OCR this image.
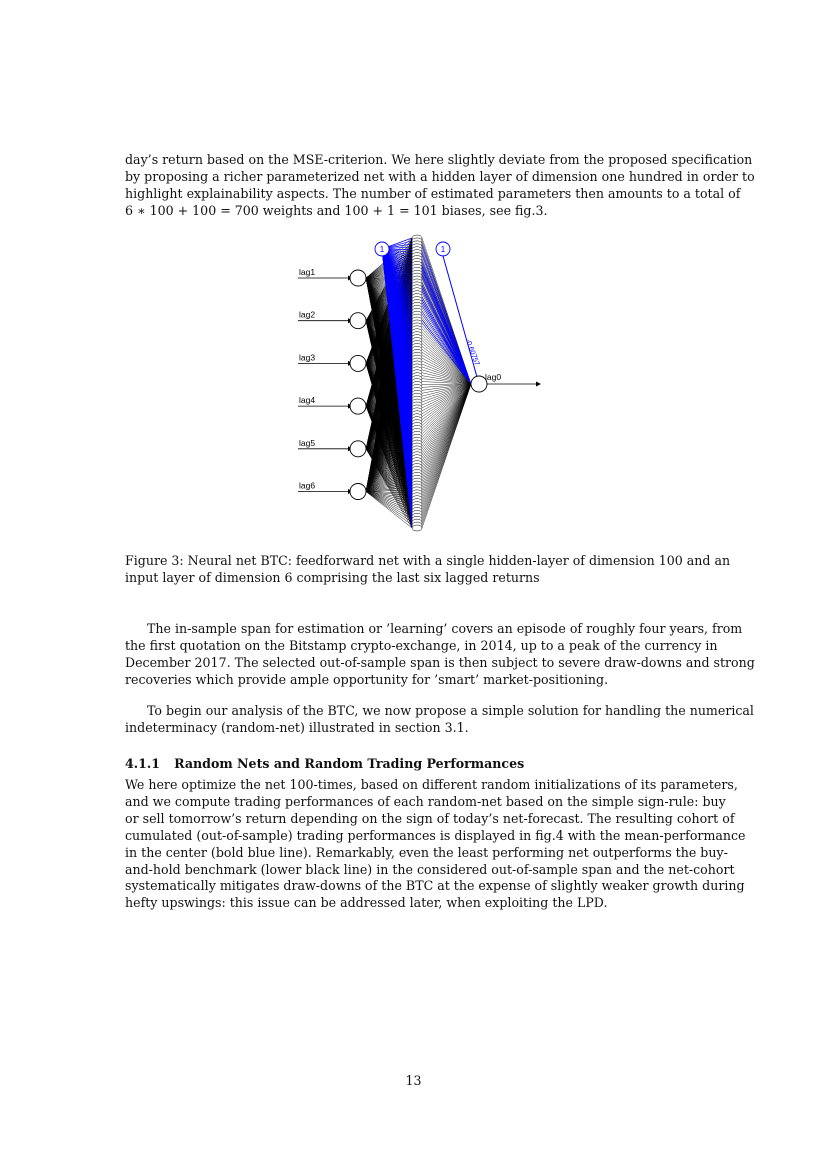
day’s return based on the MSE-criterion. We here slightly deviate from the proposed specification
by proposing a richer parameterized net with a hidden layer of dimension one hundred in order to
highlight explainability aspects. The number of estimated parameters then amounts to a total of
6 ∗ 100 + 100 = 700 weights and 100 + 1 = 101 biases, see fig.3.
lag1
lag2
lag3
lag4
lag5
lag6
1	1
-0.60757
lag0
Figure 3: Neural net BTC: feedforward net with a single hidden-layer of dimension 100 and an
input layer of dimension 6 comprising the last six lagged returns
The in-sample span for estimation or ’learning’ covers an episode of roughly four years, from
the first quotation on the Bitstamp crypto-exchange, in 2014, up to a peak of the currency in
December 2017. The selected out-of-sample span is then subject to severe draw-downs and strong
recoveries which provide ample opportunity for ’smart’ market-positioning.
To begin our analysis of the BTC, we now propose a simple solution for handling the numerical
indeterminacy (random-net) illustrated in section 3.1.
4.1.1 Random Nets and Random Trading Performances
We here optimize the net 100-times, based on different random initializations of its parameters,
and we compute trading performances of each random-net based on the simple sign-rule: buy
or sell tomorrow’s return depending on the sign of today’s net-forecast. The resulting cohort of
cumulated (out-of-sample) trading performances is displayed in fig.4 with the mean-performance
in the center (bold blue line). Remarkably, even the least performing net outperforms the buy-
and-hold benchmark (lower black line) in the considered out-of-sample span and the net-cohort
systematically mitigates draw-downs of the BTC at the expense of slightly weaker growth during
hefty upswings: this issue can be addressed later, when exploiting the LPD.
13
